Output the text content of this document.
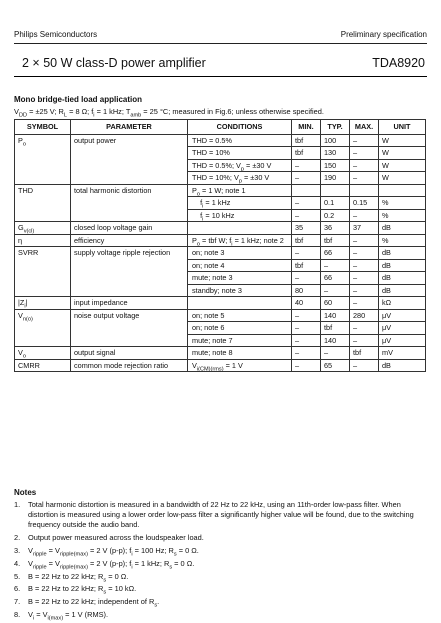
Philips Semiconductors	Preliminary specification
2 × 50 W class-D power amplifier	TDA8920
Mono bridge-tied load application
$V_{DD} = \pm 25$ V; $R_L = 8$ Ω; $f_i = 1$ kHz; $T_{amb} = 25$ °C; measured in Fig.6; unless otherwise specified.
SYMBOL	PARAMETER	CONDITIONS	MIN.	TYP.	MAX.	UNIT
$P_o$	output power	THD = 0.5%	tbf	100	–	W
		THD = 10%	tbf	130	–	W
		THD = 0.5%; $V_p = \pm 30$ V	–	150	–	W
		THD = 10%; $V_p = \pm 30$ V	–	190	–	W
THD	total harmonic distortion	$P_o = 1$ W; note 1				
		$f_i = 1$ kHz	–	0.1	0.15	%
		$f_i = 10$ kHz	–	0.2	–	%
$G_{v(cl)}$	closed loop voltage gain		35	36	37	dB
η	efficiency	$P_o$ = tbf W; $f_i = 1$ kHz; note 2	tbf	tbf	–	%
SVRR	supply voltage ripple rejection	on; note 3	–	66	–	dB
		on; note 4	tbf	–	–	dB
		mute; note 3	–	66	–	dB
		standby; note 3	80	–	–	dB
$|Z_i|$	input impedance		40	60	–	kΩ
$V_{n(o)}$	noise output voltage	on; note 5	–	140	280	μV
		on; note 6	–	tbf	–	μV
		mute; note 7	–	140	–	μV
$V_o$	output signal	mute; note 8	–	–	tbf	mV
CMRR	common mode rejection ratio	$V_{i(CM)(rms)} = 1$ V	–	65	–	dB
Notes
1.	Total harmonic distortion is measured in a bandwidth of 22 Hz to 22 kHz, using an 11th-order low-pass filter. When distortion is measured using a lower order low-pass filter a significantly higher value will be found, due to the switching frequency outside the audio band.
2.	Output power measured across the loudspeaker load.
3.	$V_{ripple} = V_{ripple(max)} = 2$ V (p-p); $f_i = 100$ Hz; $R_s = 0$ Ω.
4.	$V_{ripple} = V_{ripple(max)} = 2$ V (p-p); $f_i = 1$ kHz; $R_s = 0$ Ω.
5.	B = 22 Hz to 22 kHz; $R_s = 0$ Ω.
6.	B = 22 Hz to 22 kHz; $R_s = 10$ kΩ.
7.	B = 22 Hz to 22 kHz; independent of $R_s$.
8.	$V_i = V_{i(max)} = 1$ V (RMS).
